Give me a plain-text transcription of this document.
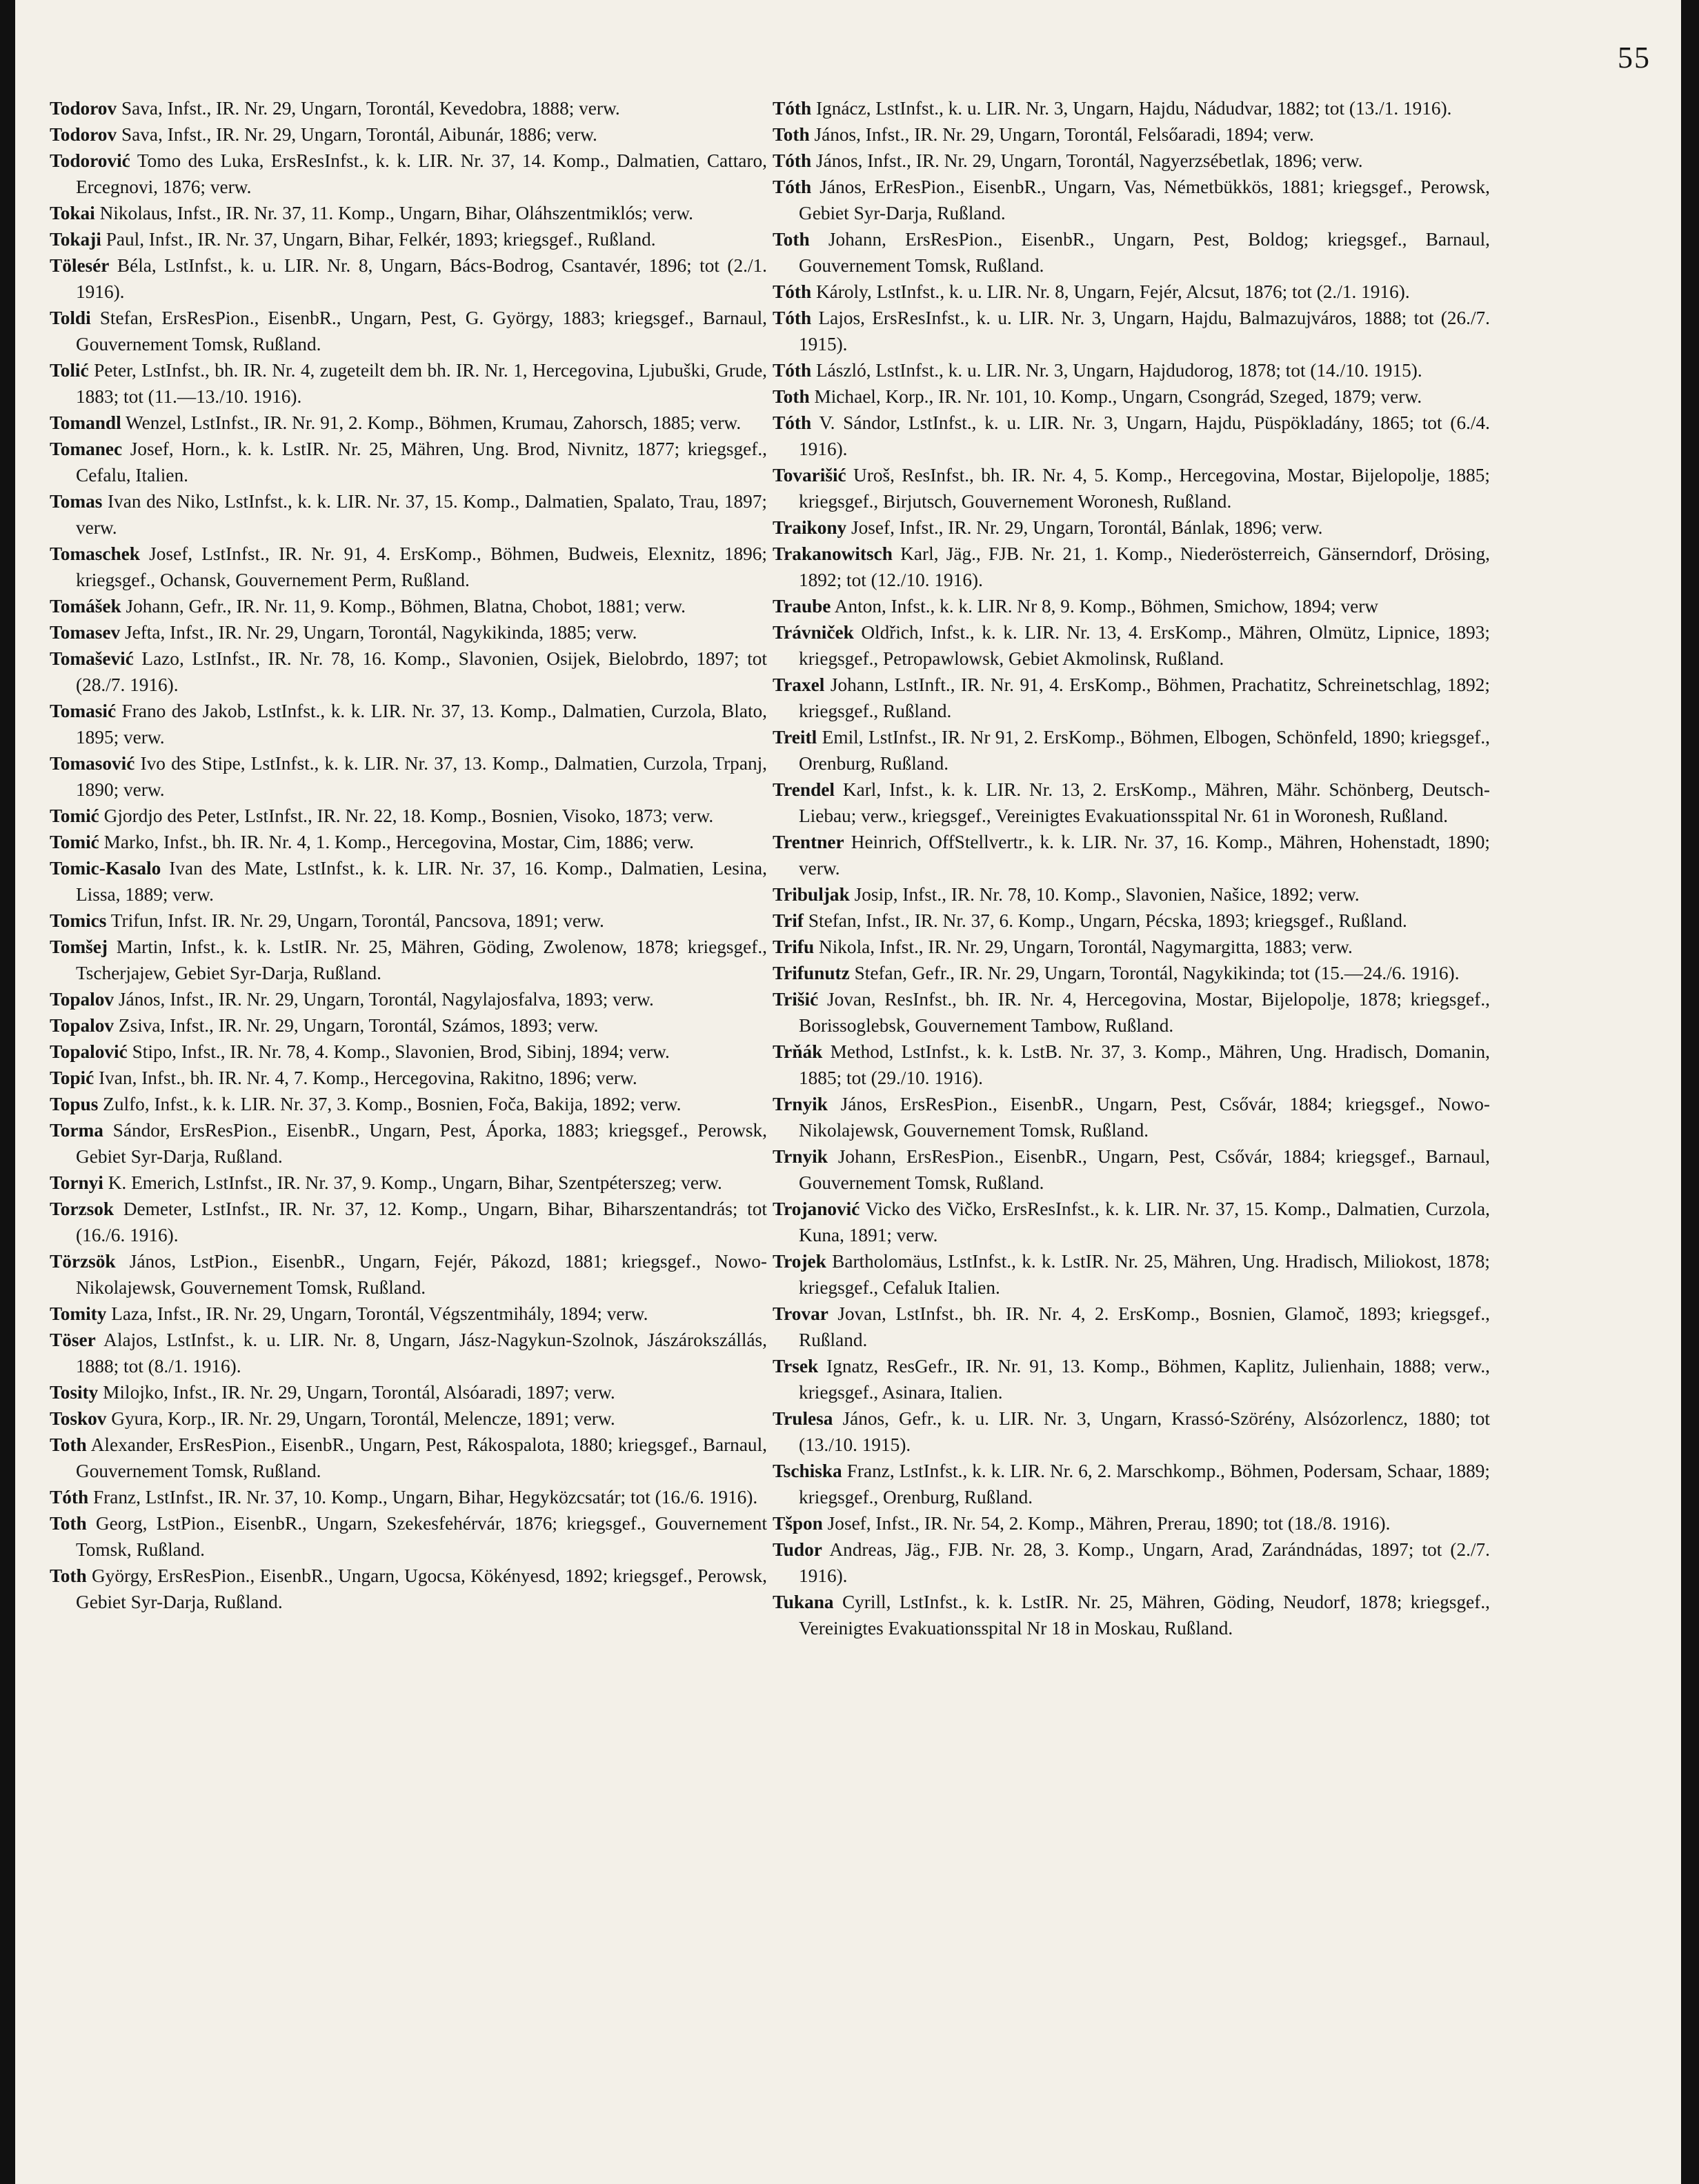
55

Todorov Sava, Infst., IR. Nr. 29, Ungarn, Torontál, Kevedobra, 1888; verw.

Todorov Sava, Infst., IR. Nr. 29, Ungarn, Torontál, Aibunár, 1886; verw.

Todorović Tomo des Luka, ErsResInfst., k. k. LIR. Nr. 37, 14. Komp., Dalmatien, Cattaro, Ercegnovi, 1876; verw.

Tokai Nikolaus, Infst., IR. Nr. 37, 11. Komp., Ungarn, Bihar, Oláhszentmiklós; verw.

Tokaji Paul, Infst., IR. Nr. 37, Ungarn, Bihar, Felkér, 1893; kriegsgef., Rußland.

Tölesér Béla, LstInfst., k. u. LIR. Nr. 8, Ungarn, Bács-Bodrog, Csantavér, 1896; tot (2./1. 1916).

Toldi Stefan, ErsResPion., EisenbR., Ungarn, Pest, G. György, 1883; kriegsgef., Barnaul, Gouvernement Tomsk, Rußland.

Tolić Peter, LstInfst., bh. IR. Nr. 4, zugeteilt dem bh. IR. Nr. 1, Hercegovina, Ljubuški, Grude, 1883; tot (11.—13./10. 1916).

Tomandl Wenzel, LstInfst., IR. Nr. 91, 2. Komp., Böhmen, Krumau, Zahorsch, 1885; verw.

Tomanec Josef, Horn., k. k. LstIR. Nr. 25, Mähren, Ung. Brod, Nivnitz, 1877; kriegsgef., Cefalu, Italien.

Tomas Ivan des Niko, LstInfst., k. k. LIR. Nr. 37, 15. Komp., Dalmatien, Spalato, Trau, 1897; verw.

Tomaschek Josef, LstInfst., IR. Nr. 91, 4. ErsKomp., Böhmen, Budweis, Elexnitz, 1896; kriegsgef., Ochansk, Gouvernement Perm, Rußland.

Tomášek Johann, Gefr., IR. Nr. 11, 9. Komp., Böhmen, Blatna, Chobot, 1881; verw.

Tomasev Jefta, Infst., IR. Nr. 29, Ungarn, Torontál, Nagykikinda, 1885; verw.

Tomašević Lazo, LstInfst., IR. Nr. 78, 16. Komp., Slavonien, Osijek, Bielobrdo, 1897; tot (28./7. 1916).

Tomasić Frano des Jakob, LstInfst., k. k. LIR. Nr. 37, 13. Komp., Dalmatien, Curzola, Blato, 1895; verw.

Tomasović Ivo des Stipe, LstInfst., k. k. LIR. Nr. 37, 13. Komp., Dalmatien, Curzola, Trpanj, 1890; verw.

Tomić Gjordjo des Peter, LstInfst., IR. Nr. 22, 18. Komp., Bosnien, Visoko, 1873; verw.

Tomić Marko, Infst., bh. IR. Nr. 4, 1. Komp., Hercegovina, Mostar, Cim, 1886; verw.

Tomic-Kasalo Ivan des Mate, LstInfst., k. k. LIR. Nr. 37, 16. Komp., Dalmatien, Lesina, Lissa, 1889; verw.

Tomics Trifun, Infst. IR. Nr. 29, Ungarn, Torontál, Pancsova, 1891; verw.

Tomšej Martin, Infst., k. k. LstIR. Nr. 25, Mähren, Göding, Zwolenow, 1878; kriegsgef., Tscherjajew, Gebiet Syr-Darja, Rußland.

Topalov János, Infst., IR. Nr. 29, Ungarn, Torontál, Nagylajosfalva, 1893; verw.

Topalov Zsiva, Infst., IR. Nr. 29, Ungarn, Torontál, Számos, 1893; verw.

Topalović Stipo, Infst., IR. Nr. 78, 4. Komp., Slavonien, Brod, Sibinj, 1894; verw.

Topić Ivan, Infst., bh. IR. Nr. 4, 7. Komp., Hercegovina, Rakitno, 1896; verw.

Topus Zulfo, Infst., k. k. LIR. Nr. 37, 3. Komp., Bosnien, Foča, Bakija, 1892; verw.

Torma Sándor, ErsResPion., EisenbR., Ungarn, Pest, Áporka, 1883; kriegsgef., Perowsk, Gebiet Syr-Darja, Rußland.

Tornyi K. Emerich, LstInfst., IR. Nr. 37, 9. Komp., Ungarn, Bihar, Szentpéterszeg; verw.

Torzsok Demeter, LstInfst., IR. Nr. 37, 12. Komp., Ungarn, Bihar, Biharszentandrás; tot (16./6. 1916).

Törzsök János, LstPion., EisenbR., Ungarn, Fejér, Pákozd, 1881; kriegsgef., Nowo-Nikolajewsk, Gouvernement Tomsk, Rußland.

Tomity Laza, Infst., IR. Nr. 29, Ungarn, Torontál, Végszentmihály, 1894; verw.

Töser Alajos, LstInfst., k. u. LIR. Nr. 8, Ungarn, Jász-Nagykun-Szolnok, Jászárokszállás, 1888; tot (8./1. 1916).

Tosity Milojko, Infst., IR. Nr. 29, Ungarn, Torontál, Alsóaradi, 1897; verw.

Toskov Gyura, Korp., IR. Nr. 29, Ungarn, Torontál, Melencze, 1891; verw.

Toth Alexander, ErsResPion., EisenbR., Ungarn, Pest, Rákospalota, 1880; kriegsgef., Barnaul, Gouvernement Tomsk, Rußland.

Tóth Franz, LstInfst., IR. Nr. 37, 10. Komp., Ungarn, Bihar, Hegyközcsatár; tot (16./6. 1916).

Toth Georg, LstPion., EisenbR., Ungarn, Szekesfehérvár, 1876; kriegsgef., Gouvernement Tomsk, Rußland.

Toth György, ErsResPion., EisenbR., Ungarn, Ugocsa, Kökényesd, 1892; kriegsgef., Perowsk, Gebiet Syr-Darja, Rußland.

Tóth Ignácz, LstInfst., k. u. LIR. Nr. 3, Ungarn, Hajdu, Nádudvar, 1882; tot (13./1. 1916).

Toth János, Infst., IR. Nr. 29, Ungarn, Torontál, Felsőaradi, 1894; verw.

Tóth János, Infst., IR. Nr. 29, Ungarn, Torontál, Nagyerzsébetlak, 1896; verw.

Tóth János, ErResPion., EisenbR., Ungarn, Vas, Németbükkös, 1881; kriegsgef., Perowsk, Gebiet Syr-Darja, Rußland.

Toth Johann, ErsResPion., EisenbR., Ungarn, Pest, Boldog; kriegsgef., Barnaul, Gouvernement Tomsk, Rußland.

Tóth Károly, LstInfst., k. u. LIR. Nr. 8, Ungarn, Fejér, Alcsut, 1876; tot (2./1. 1916).

Tóth Lajos, ErsResInfst., k. u. LIR. Nr. 3, Ungarn, Hajdu, Balmazujváros, 1888; tot (26./7. 1915).

Tóth László, LstInfst., k. u. LIR. Nr. 3, Ungarn, Hajdudorog, 1878; tot (14./10. 1915).

Toth Michael, Korp., IR. Nr. 101, 10. Komp., Ungarn, Csongrád, Szeged, 1879; verw.

Tóth V. Sándor, LstInfst., k. u. LIR. Nr. 3, Ungarn, Hajdu, Püspökladány, 1865; tot (6./4. 1916).

Tovarišić Uroš, ResInfst., bh. IR. Nr. 4, 5. Komp., Hercegovina, Mostar, Bijelopolje, 1885; kriegsgef., Birjutsch, Gouvernement Woronesh, Rußland.

Traikony Josef, Infst., IR. Nr. 29, Ungarn, Torontál, Bánlak, 1896; verw.

Trakanowitsch Karl, Jäg., FJB. Nr. 21, 1. Komp., Niederösterreich, Gänserndorf, Drösing, 1892; tot (12./10. 1916).

Traube Anton, Infst., k. k. LIR. Nr 8, 9. Komp., Böhmen, Smichow, 1894; verw

Trávniček Oldřich, Infst., k. k. LIR. Nr. 13, 4. ErsKomp., Mähren, Olmütz, Lipnice, 1893; kriegsgef., Petropawlowsk, Gebiet Akmolinsk, Rußland.

Traxel Johann, LstInft., IR. Nr. 91, 4. ErsKomp., Böhmen, Prachatitz, Schreinetschlag, 1892; kriegsgef., Rußland.

Treitl Emil, LstInfst., IR. Nr 91, 2. ErsKomp., Böhmen, Elbogen, Schönfeld, 1890; kriegsgef., Orenburg, Rußland.

Trendel Karl, Infst., k. k. LIR. Nr. 13, 2. ErsKomp., Mähren, Mähr. Schönberg, Deutsch-Liebau; verw., kriegsgef., Vereinigtes Evakuationsspital Nr. 61 in Woronesh, Rußland.

Trentner Heinrich, OffStellvertr., k. k. LIR. Nr. 37, 16. Komp., Mähren, Hohenstadt, 1890; verw.

Tribuljak Josip, Infst., IR. Nr. 78, 10. Komp., Slavonien, Našice, 1892; verw.

Trif Stefan, Infst., IR. Nr. 37, 6. Komp., Ungarn, Pécska, 1893; kriegsgef., Rußland.

Trifu Nikola, Infst., IR. Nr. 29, Ungarn, Torontál, Nagymargitta, 1883; verw.

Trifunutz Stefan, Gefr., IR. Nr. 29, Ungarn, Torontál, Nagykikinda; tot (15.—24./6. 1916).

Trišić Jovan, ResInfst., bh. IR. Nr. 4, Hercegovina, Mostar, Bijelopolje, 1878; kriegsgef., Borissoglebsk, Gouvernement Tambow, Rußland.

Trňák Method, LstInfst., k. k. LstB. Nr. 37, 3. Komp., Mähren, Ung. Hradisch, Domanin, 1885; tot (29./10. 1916).

Trnyik János, ErsResPion., EisenbR., Ungarn, Pest, Csővár, 1884; kriegsgef., Nowo-Nikolajewsk, Gouvernement Tomsk, Rußland.

Trnyik Johann, ErsResPion., EisenbR., Ungarn, Pest, Csővár, 1884; kriegsgef., Barnaul, Gouvernement Tomsk, Rußland.

Trojanović Vicko des Vičko, ErsResInfst., k. k. LIR. Nr. 37, 15. Komp., Dalmatien, Curzola, Kuna, 1891; verw.

Trojek Bartholomäus, LstInfst., k. k. LstIR. Nr. 25, Mähren, Ung. Hradisch, Miliokost, 1878; kriegsgef., Cefaluk Italien.

Trovar Jovan, LstInfst., bh. IR. Nr. 4, 2. ErsKomp., Bosnien, Glamoč, 1893; kriegsgef., Rußland.

Trsek Ignatz, ResGefr., IR. Nr. 91, 13. Komp., Böhmen, Kaplitz, Julienhain, 1888; verw., kriegsgef., Asinara, Italien.

Trulesa János, Gefr., k. u. LIR. Nr. 3, Ungarn, Krassó-Szörény, Alsózorlencz, 1880; tot (13./10. 1915).

Tschiska Franz, LstInfst., k. k. LIR. Nr. 6, 2. Marschkomp., Böhmen, Podersam, Schaar, 1889; kriegsgef., Orenburg, Rußland.

Tšpon Josef, Infst., IR. Nr. 54, 2. Komp., Mähren, Prerau, 1890; tot (18./8. 1916).

Tudor Andreas, Jäg., FJB. Nr. 28, 3. Komp., Ungarn, Arad, Zarándnádas, 1897; tot (2./7. 1916).

Tukana Cyrill, LstInfst., k. k. LstIR. Nr. 25, Mähren, Göding, Neudorf, 1878; kriegsgef., Vereinigtes Evakuationsspital Nr 18 in Moskau, Rußland.
